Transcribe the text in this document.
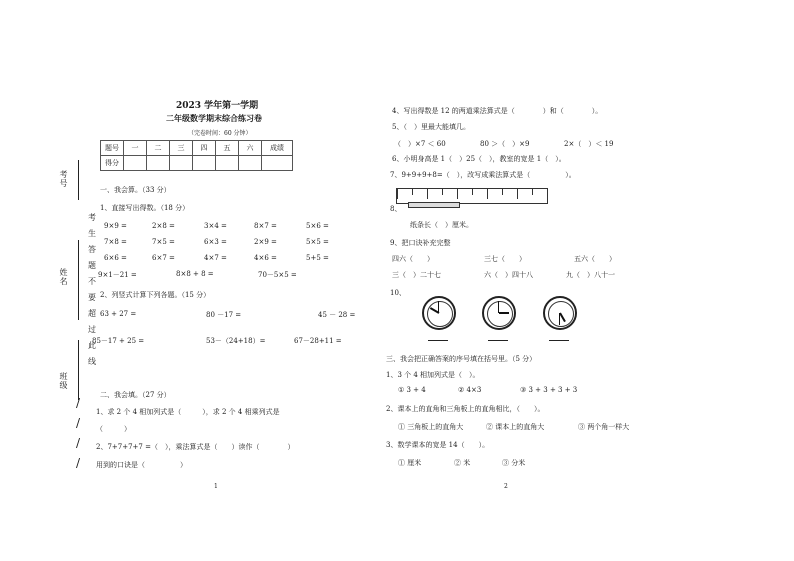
考号
姓名
班级
考
生
答
题
不
要
超
过
此
线
/
/
/
/
2023 学年第一学期
二年级数学期末综合练习卷
（完卷时间：60 分钟）
题号	一	二	三	四	五	六	成绩
得分							
一、我会算。（33 分）
1、直接写出得数。（18 分）
9×9 =	2×8 =	3×4 =	8×7 =	5×6 =
7×8 =	7×5 =	6×3 =	2×9 =	5×5 =
6×6 =	6×7 =	4×7 =	4×6 =	5+5 =
9×1－21 =	8×8 + 8 =	70－5×5 =
2、列竖式计算下列各题。（15 分）
63 + 27 =	80 －17 =	45 － 28 =
85－17 + 25 =	53－（24+18）=	67－28+11 =
二、我会填。（27 分）
1、求 2 个 4 相加列式是（　　　），求 2 个 4 相乘列式是
（　　　）
2、7+7+7+7 =（　），乘法算式是（　　）读作（　　　　）
用到的口诀是（　　　　　）
1
4、写出得数是 12 的两道乘法算式是（　　　　）和（　　　　）。
5、（　）里最大能填几。
（　）×7 ＜ 60	80 ＞（　）×9	2×（　）＜ 19
6、小明身高是 1（　）25（　），教室的宽是 1（　）。
7、9+9+9+8=（　），改写成乘法算式是（　　　　　）。
8、
纸条长（　）厘米。
9、把口诀补充完整
四六（　　）	三七（　　）	五六（　　）
三（　）二十七	六（　）四十八	九（　）八十一
10、
三、我会把正确答案的序号填在括号里。（5 分）
1、3 个 4 相加列式是（　）。
① 3 + 4	② 4×3	③ 3 + 3 + 3 + 3
2、课本上的直角和三角板上的直角相比，（　　）。
① 三角板上的直角大	② 课本上的直角大	③ 两个角一样大
3、数学课本的宽是 14（　　）。
① 厘米	② 米	③ 分米
2
